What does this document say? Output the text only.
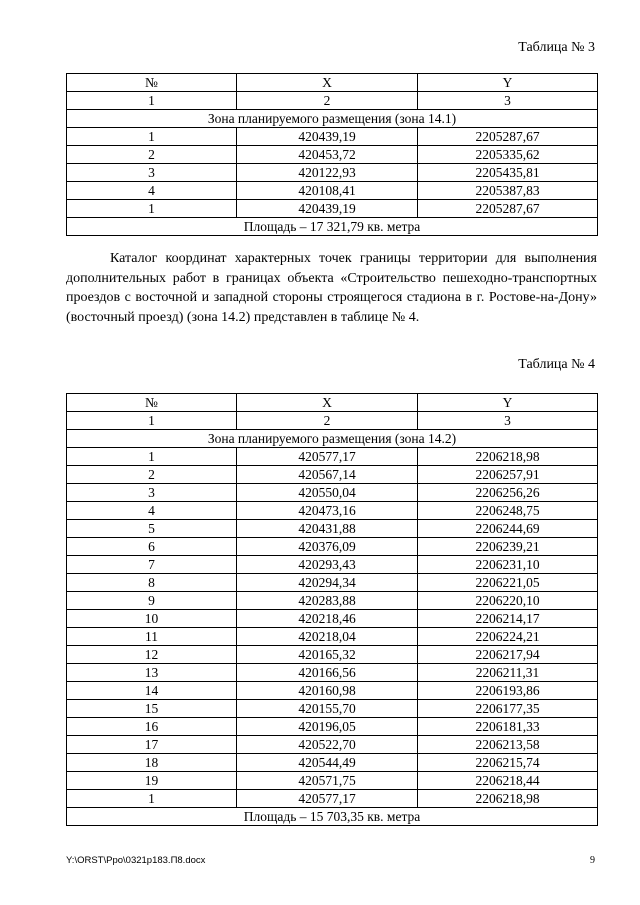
Таблица № 3
№	X	Y
1	2	3
Зона планируемого размещения (зона 14.1)		
1	420439,19	2205287,67
2	420453,72	2205335,62
3	420122,93	2205435,81
4	420108,41	2205387,83
1	420439,19	2205287,67
Площадь – 17 321,79 кв. метра		

Каталог координат характерных точек границы территории для выполнения дополнительных работ в границах объекта «Строительство пешеходно-транспортных проездов с восточной и западной стороны строящегося стадиона в г. Ростове-на-Дону» (восточный проезд) (зона 14.2) представлен в таблице № 4.

Таблица № 4
№	X	Y
1	2	3
Зона планируемого размещения (зона 14.2)		
1	420577,17	2206218,98
2	420567,14	2206257,91
3	420550,04	2206256,26
4	420473,16	2206248,75
5	420431,88	2206244,69
6	420376,09	2206239,21
7	420293,43	2206231,10
8	420294,34	2206221,05
9	420283,88	2206220,10
10	420218,46	2206214,17
11	420218,04	2206224,21
12	420165,32	2206217,94
13	420166,56	2206211,31
14	420160,98	2206193,86
15	420155,70	2206177,35
16	420196,05	2206181,33
17	420522,70	2206213,58
18	420544,49	2206215,74
19	420571,75	2206218,44
1	420577,17	2206218,98
Площадь – 15 703,35 кв. метра		
Y:\ORST\Ppo\0321p183.П8.docx	9
